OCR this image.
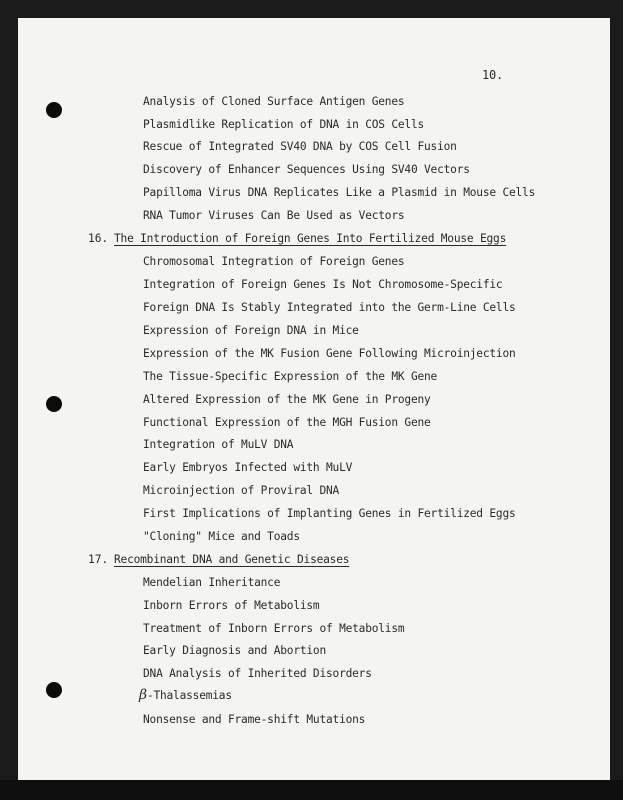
10.
Analysis of Cloned Surface Antigen Genes
Plasmidlike Replication of DNA in COS Cells
Rescue of Integrated SV40 DNA by COS Cell Fusion
Discovery of Enhancer Sequences Using SV40 Vectors
Papilloma Virus DNA Replicates Like a Plasmid in Mouse Cells
RNA Tumor Viruses Can Be Used as Vectors
16. The Introduction of Foreign Genes Into Fertilized Mouse Eggs
Chromosomal Integration of Foreign Genes
Integration of Foreign Genes Is Not Chromosome-Specific
Foreign DNA Is Stably Integrated into the Germ-Line Cells
Expression of Foreign DNA in Mice
Expression of the MK Fusion Gene Following Microinjection
The Tissue-Specific Expression of the MK Gene
Altered Expression of the MK Gene in Progeny
Functional Expression of the MGH Fusion Gene
Integration of MuLV DNA
Early Embryos Infected with MuLV
Microinjection of Proviral DNA
First Implications of Implanting Genes in Fertilized Eggs
"Cloning" Mice and Toads
17. Recombinant DNA and Genetic Diseases
Mendelian Inheritance
Inborn Errors of Metabolism
Treatment of Inborn Errors of Metabolism
Early Diagnosis and Abortion
DNA Analysis of Inherited Disorders
β-Thalassemias
Nonsense and Frame-shift Mutations
